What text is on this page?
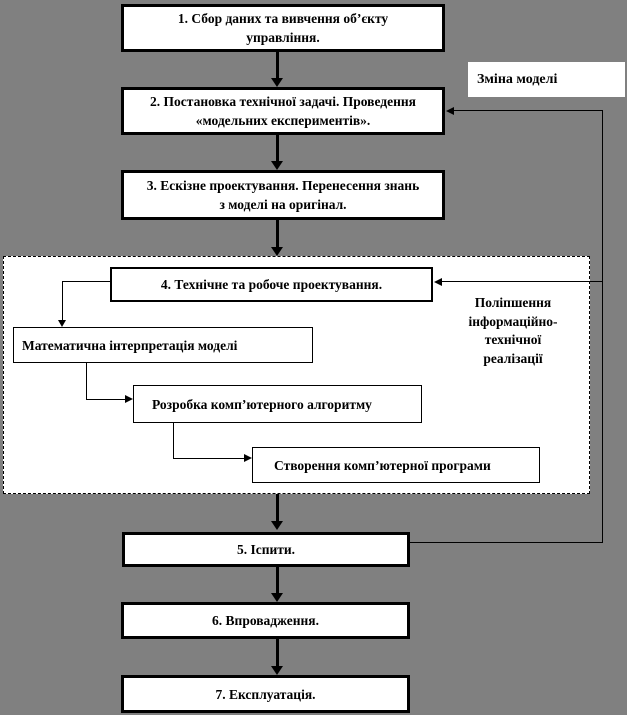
Зміна моделі
Поліпшення
інформаційно-
технічної
реалізації
1. Сбор даних та вивчення об’єкту
управління.
2. Постановка технічної задачі. Проведення
«модельних експериментів».
3. Ескізне проектування. Перенесення знань
з моделі на оригінал.
4. Технічне та робоче проектування.
Математична інтерпретація моделі
Розробка комп’ютерного алгоритму
Створення комп’ютерної програми
5. Іспити.
6. Впровадження.
7. Експлуатація.
